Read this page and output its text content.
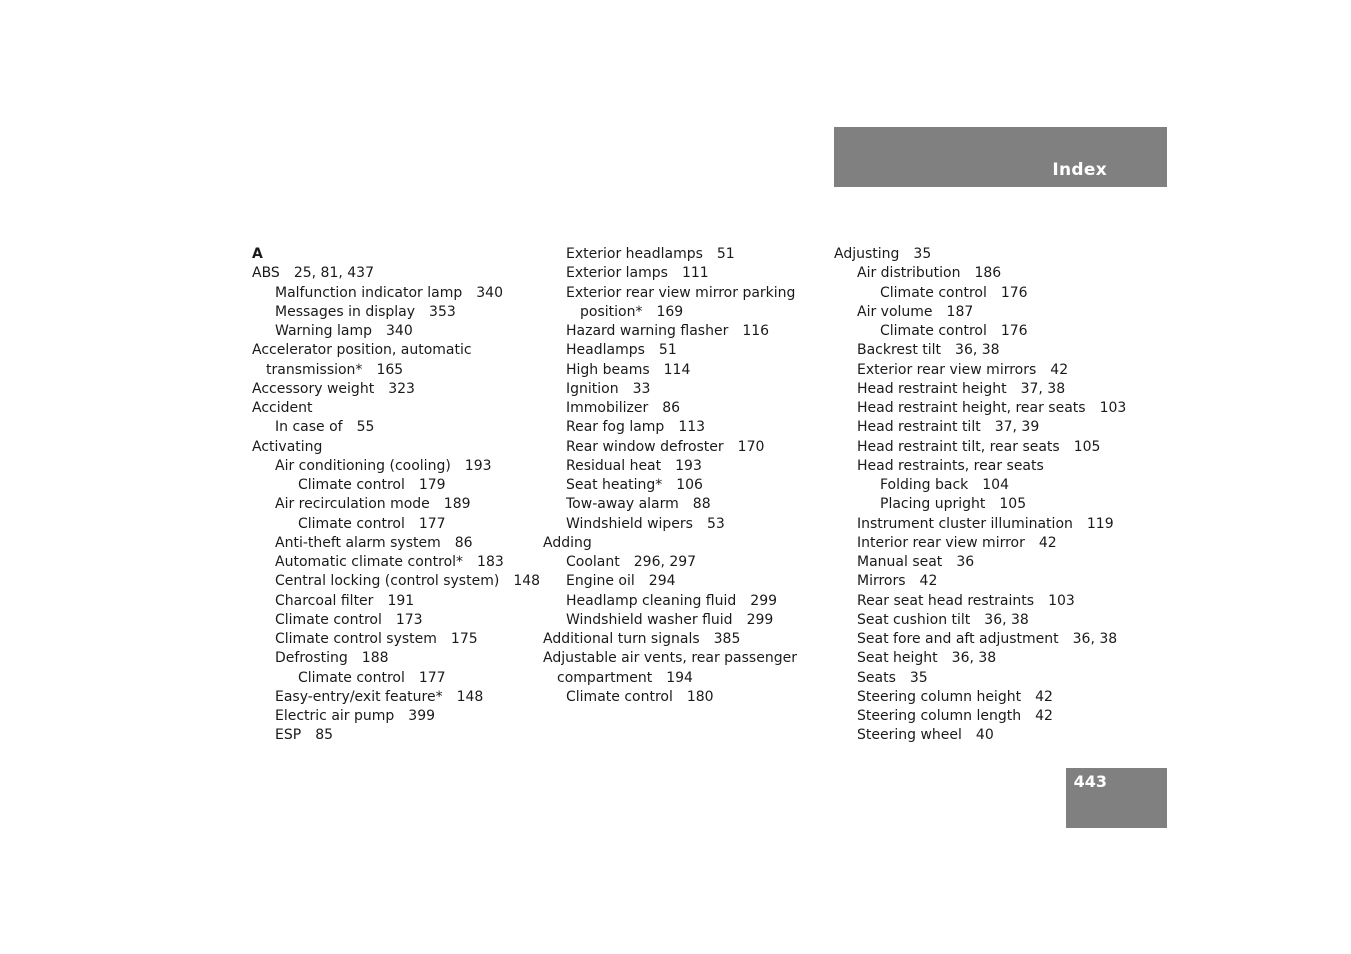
Index
A
ABS 25, 81, 437
Malfunction indicator lamp 340
Messages in display 353
Warning lamp 340
Accelerator position, automatic
transmission* 165
Accessory weight 323
Accident
In case of 55
Activating
Air conditioning (cooling) 193
Climate control 179
Air recirculation mode 189
Climate control 177
Anti-theft alarm system 86
Automatic climate control* 183
Central locking (control system) 148
Charcoal filter 191
Climate control 173
Climate control system 175
Defrosting 188
Climate control 177
Easy-entry/exit feature* 148
Electric air pump 399
ESP 85
Exterior headlamps 51
Exterior lamps 111
Exterior rear view mirror parking
position* 169
Hazard warning flasher 116
Headlamps 51
High beams 114
Ignition 33
Immobilizer 86
Rear fog lamp 113
Rear window defroster 170
Residual heat 193
Seat heating* 106
Tow-away alarm 88
Windshield wipers 53
Adding
Coolant 296, 297
Engine oil 294
Headlamp cleaning fluid 299
Windshield washer fluid 299
Additional turn signals 385
Adjustable air vents, rear passenger
compartment 194
Climate control 180
Adjusting 35
Air distribution 186
Climate control 176
Air volume 187
Climate control 176
Backrest tilt 36, 38
Exterior rear view mirrors 42
Head restraint height 37, 38
Head restraint height, rear seats 103
Head restraint tilt 37, 39
Head restraint tilt, rear seats 105
Head restraints, rear seats
Folding back 104
Placing upright 105
Instrument cluster illumination 119
Interior rear view mirror 42
Manual seat 36
Mirrors 42
Rear seat head restraints 103
Seat cushion tilt 36, 38
Seat fore and aft adjustment 36, 38
Seat height 36, 38
Seats 35
Steering column height 42
Steering column length 42
Steering wheel 40
443
